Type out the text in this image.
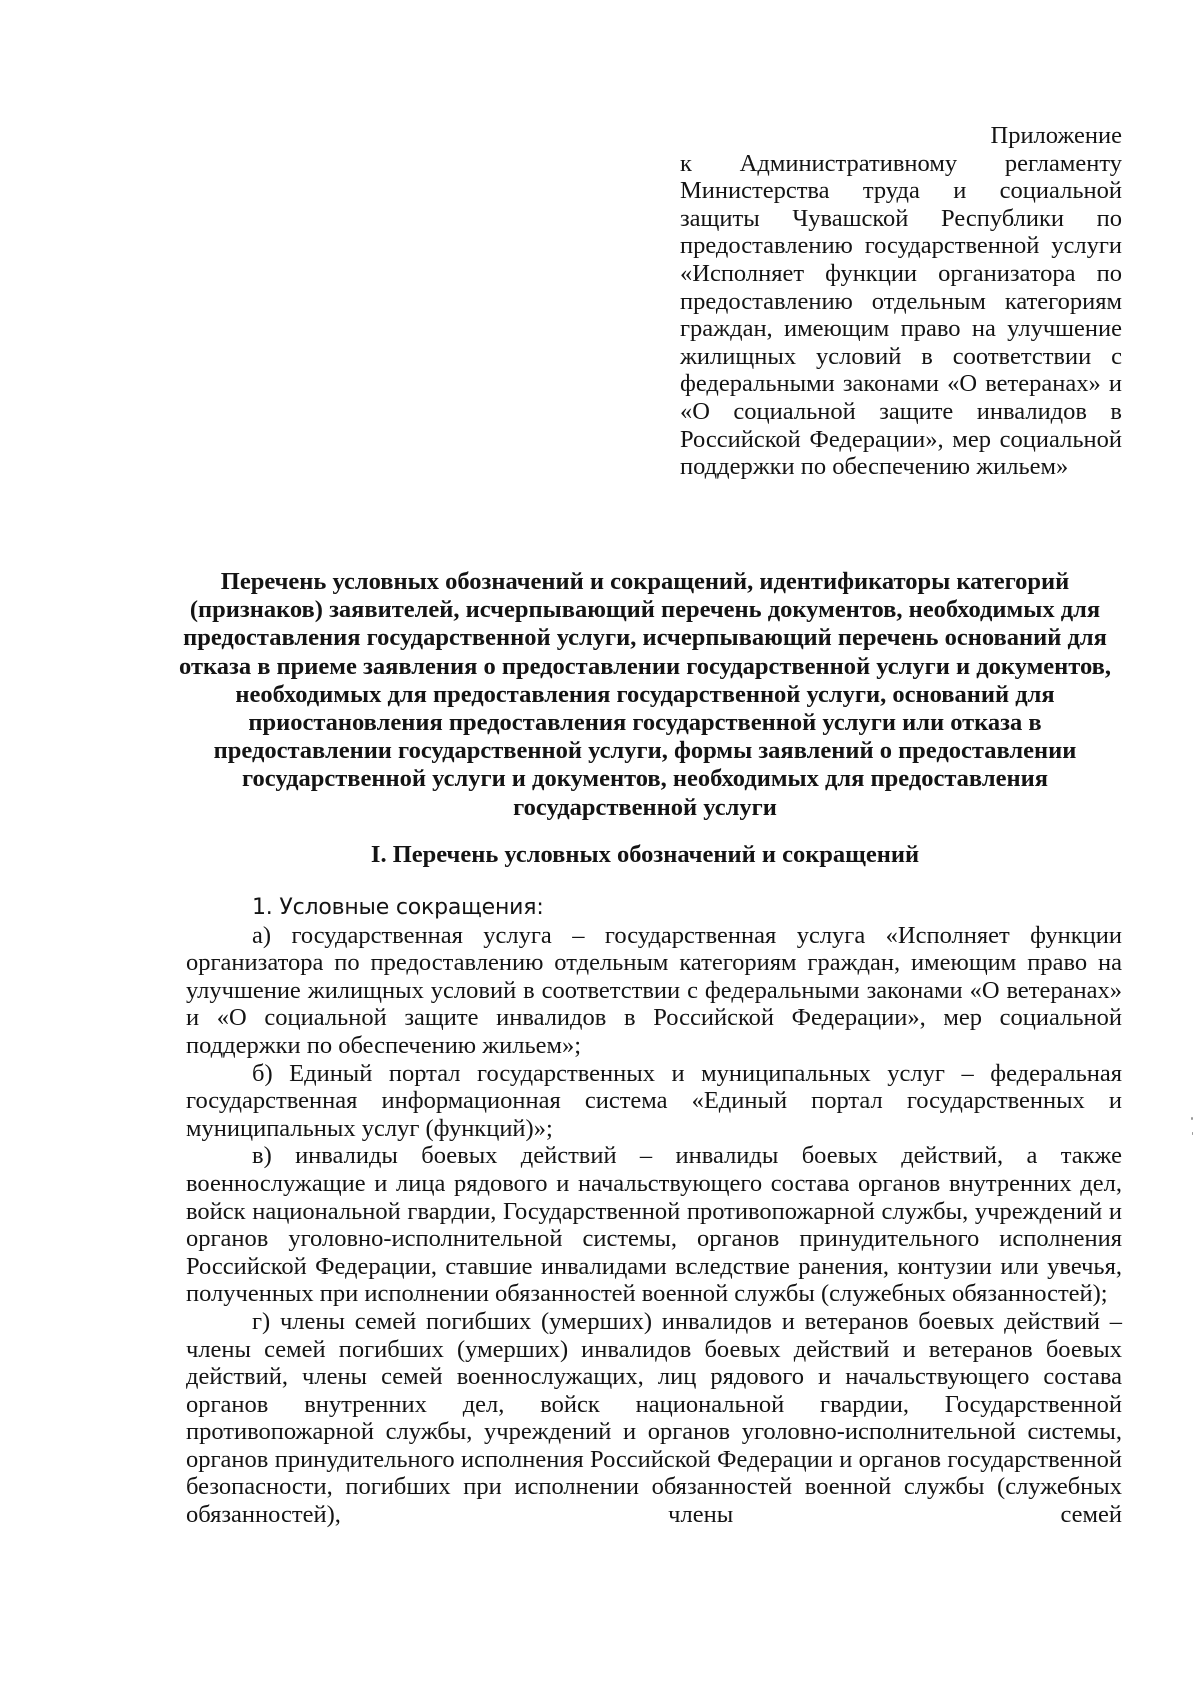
Приложение

к Административному регламенту Министерства труда и социальной защиты Чувашской Республики по предоставлению государственной услуги «Исполняет функции организатора по предоставлению отдельным категориям граждан, имеющим право на улучшение жилищных условий в соответствии с федеральными законами «О ветеранах» и «О социальной защите инвалидов в Российской Федерации», мер социальной поддержки по обеспечению жильем»

Перечень условных обозначений и сокращений, идентификаторы категорий (признаков) заявителей, исчерпывающий перечень документов, необходимых для предоставления государственной услуги, исчерпывающий перечень оснований для отказа в приеме заявления о предоставлении государственной услуги и документов, необходимых для предоставления государственной услуги, оснований для приостановления предоставления государственной услуги или отказа в предоставлении государственной услуги, формы заявлений о предоставлении государственной услуги и документов, необходимых для предоставления государственной услуги
I. Перечень условных обозначений и сокращений

1. Условные сокращения:

а) государственная услуга – государственная услуга «Исполняет функции организатора по предоставлению отдельным категориям граждан, имеющим право на улучшение жилищных условий в соответствии с федеральными законами «О ветеранах» и «О социальной защите инвалидов в Российской Федерации», мер социальной поддержки по обеспечению жильем»;

б) Единый портал государственных и муниципальных услуг – федеральная государственная информационная система «Единый портал государственных и муниципальных услуг (функций)»;

в) инвалиды боевых действий – инвалиды боевых действий, а также военнослужащие и лица рядового и начальствующего состава органов внутренних дел, войск национальной гвардии, Государственной противопожарной службы, учреждений и органов уголовно-исполнительной системы, органов принудительного исполнения Российской Федерации, ставшие инвалидами вследствие ранения, контузии или увечья, полученных при исполнении обязанностей военной службы (служебных обязанностей);

г) члены семей погибших (умерших) инвалидов и ветеранов боевых действий – члены семей погибших (умерших) инвалидов боевых действий и ветеранов боевых действий, члены семей военнослужащих, лиц рядового и начальствующего состава органов внутренних дел, войск национальной гвардии, Государственной противопожарной службы, учреждений и органов уголовно-исполнительной системы, органов принудительного исполнения Российской Федерации и органов государственной безопасности, погибших при исполнении обязанностей военной службы (служебных обязанностей), члены семей
